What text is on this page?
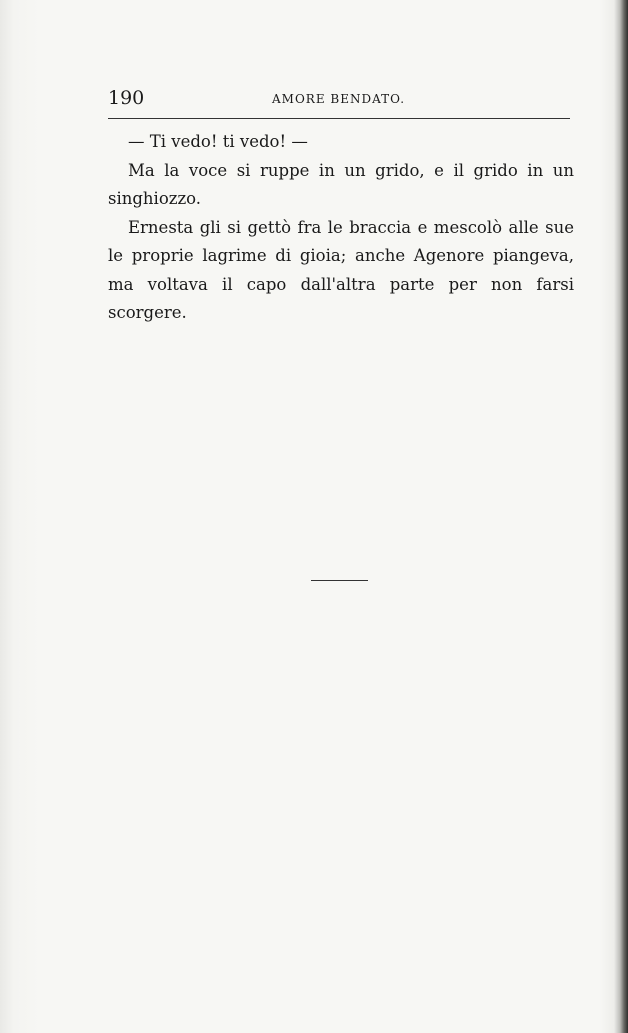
190	AMORE BENDATO.

— Ti vedo! ti vedo! —

Ma la voce si ruppe in un grido, e il grido in un singhiozzo.

Ernesta gli si gettò fra le braccia e mescolò alle sue le proprie lagrime di gioia; anche Agenore piangeva, ma voltava il capo dall'altra parte per non farsi scorgere.
